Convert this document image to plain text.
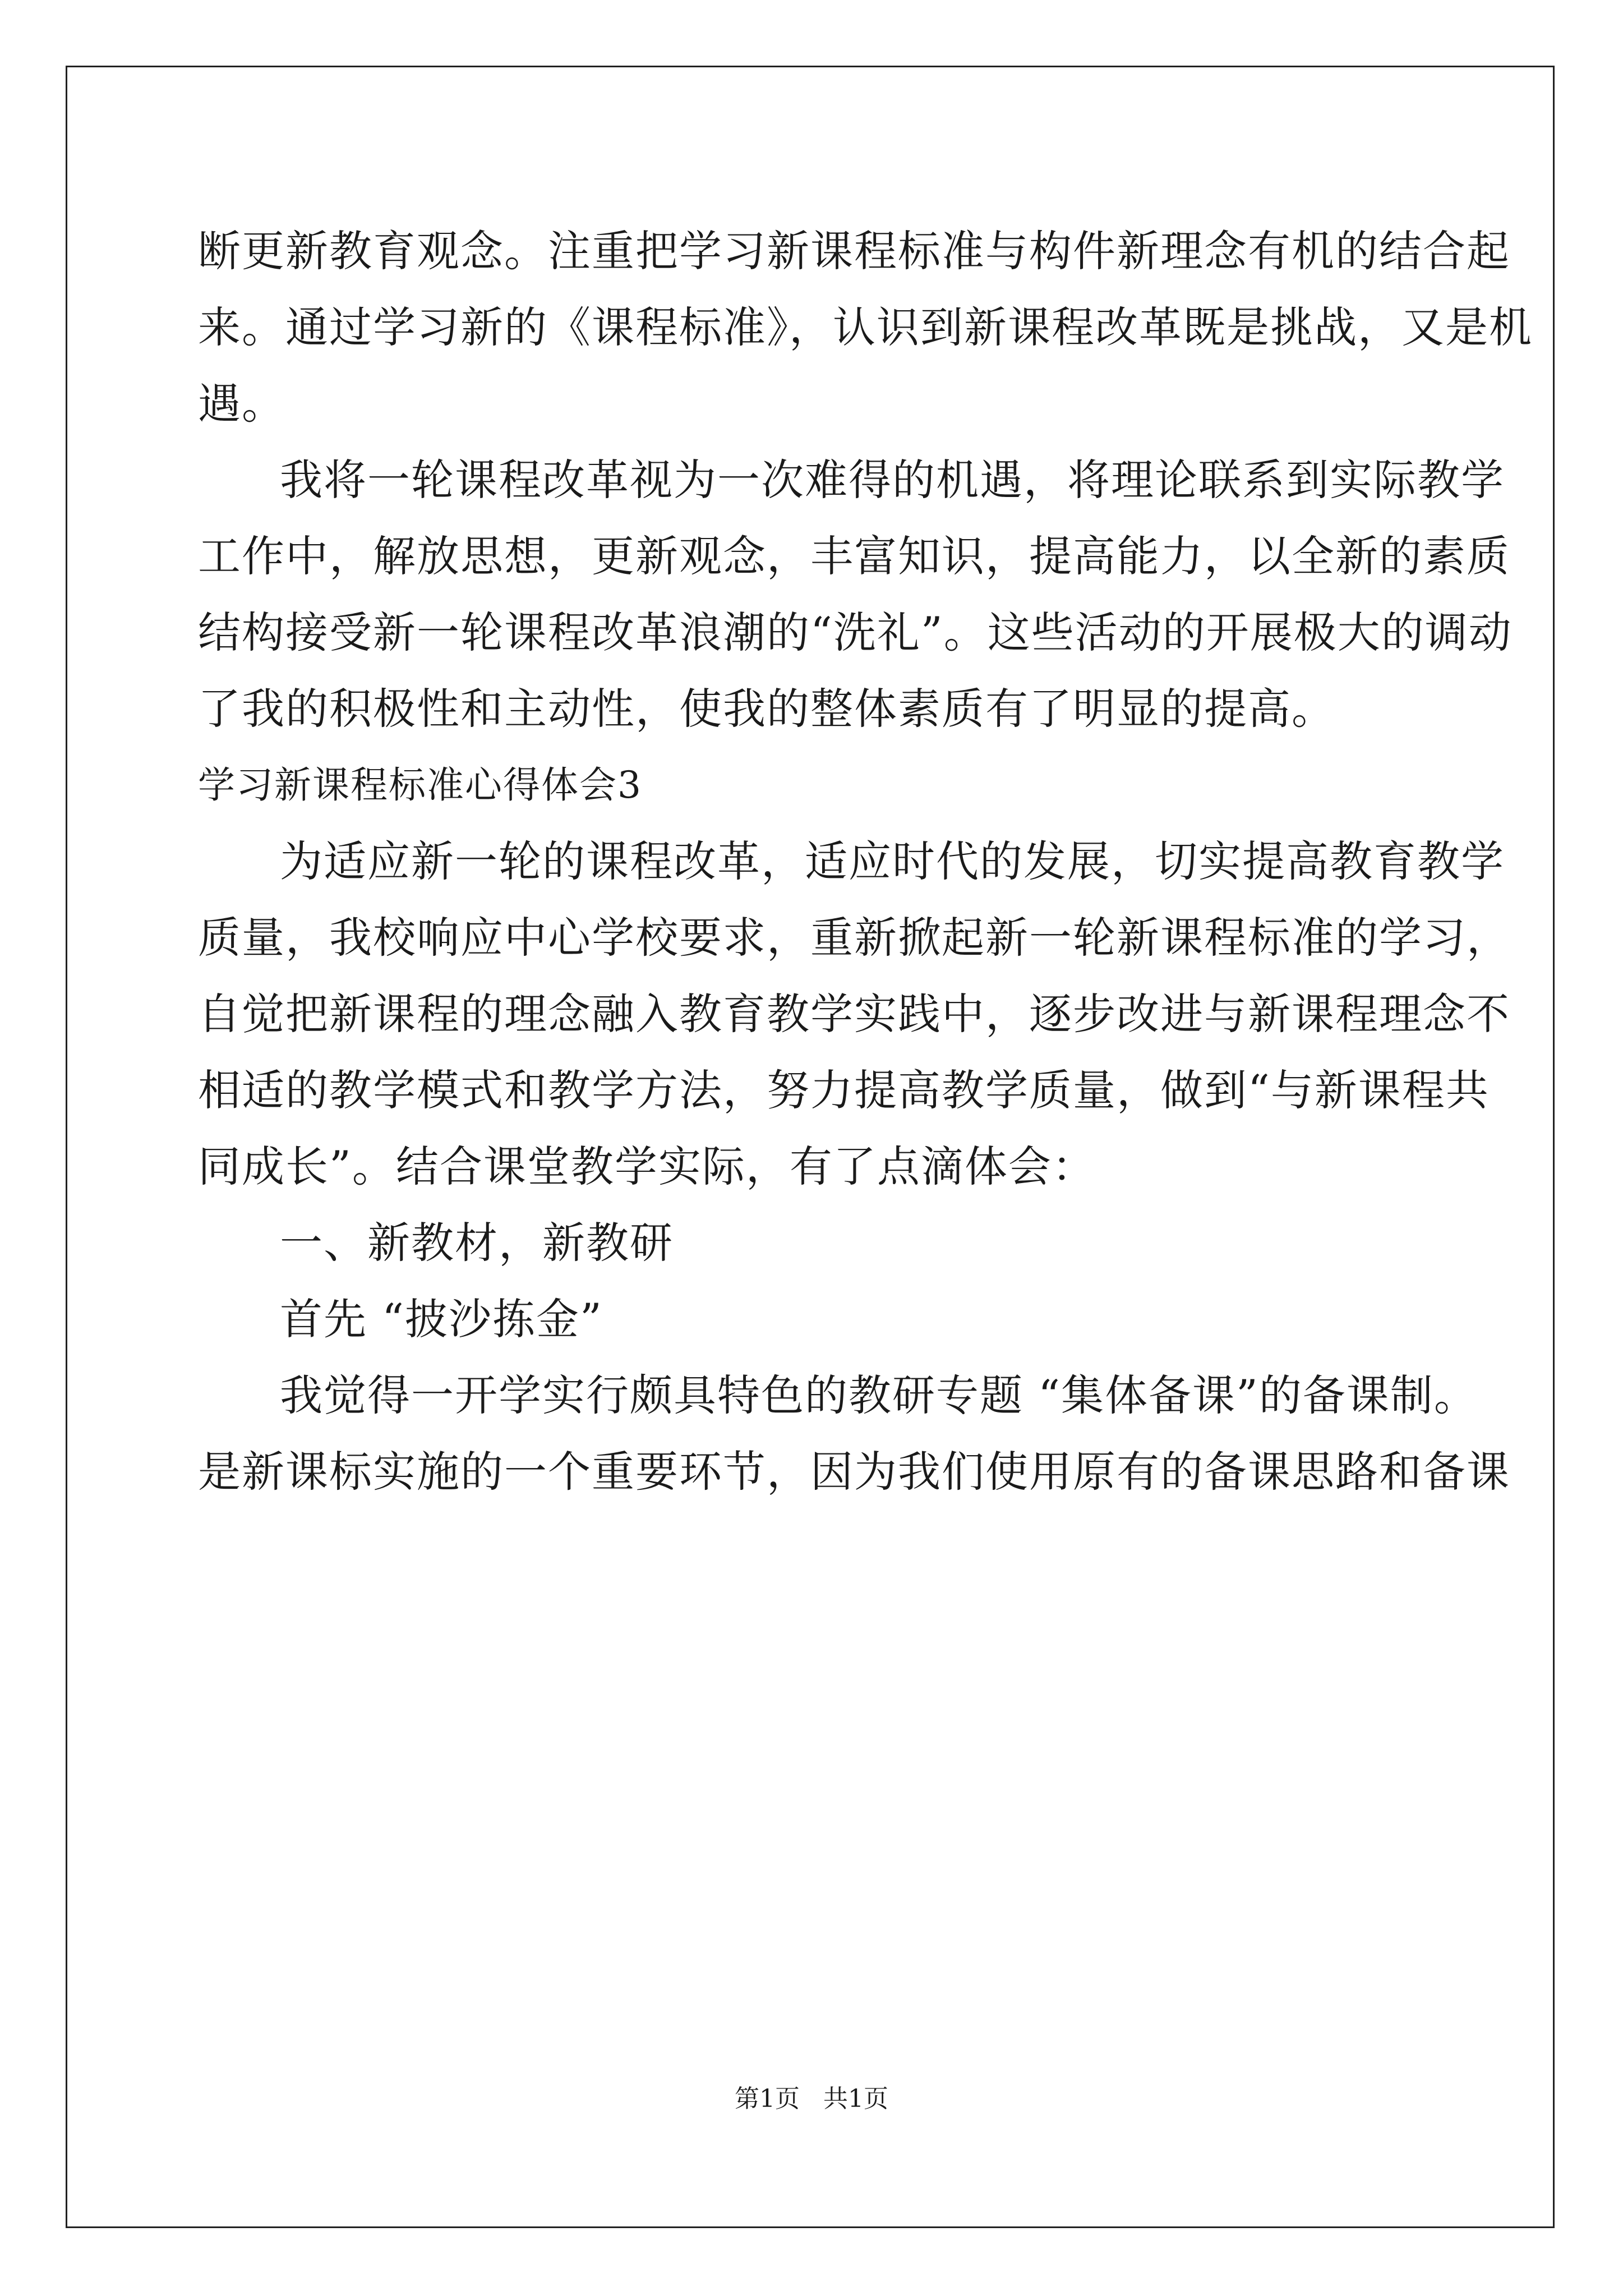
断更新教育观念。注重把学习新课程标准与构件新理念有机的结合起

来。通过学习新的《课程标准》，认识到新课程改革既是挑战，又是机

遇。

我将一轮课程改革视为一次难得的机遇，将理论联系到实际教学

工作中，解放思想，更新观念，丰富知识，提高能力，以全新的素质

结构接受新一轮课程改革浪潮的“洗礼”。这些活动的开展极大的调动

了我的积极性和主动性，使我的整体素质有了明显的提高。

学习新课程标准心得体会3

为适应新一轮的课程改革，适应时代的发展，切实提高教育教学

质量，我校响应中心学校要求，重新掀起新一轮新课程标准的学习，

自觉把新课程的理念融入教育教学实践中，逐步改进与新课程理念不

相适的教学模式和教学方法，努力提高教学质量，做到“与新课程共

同成长”。结合课堂教学实际，有了点滴体会：

一、新教材，新教研

首先 “披沙拣金”

我觉得一开学实行颇具特色的教研专题 “集体备课”的备课制。

是新课标实施的一个重要环节，因为我们使用原有的备课思路和备课

第1页 共1页
